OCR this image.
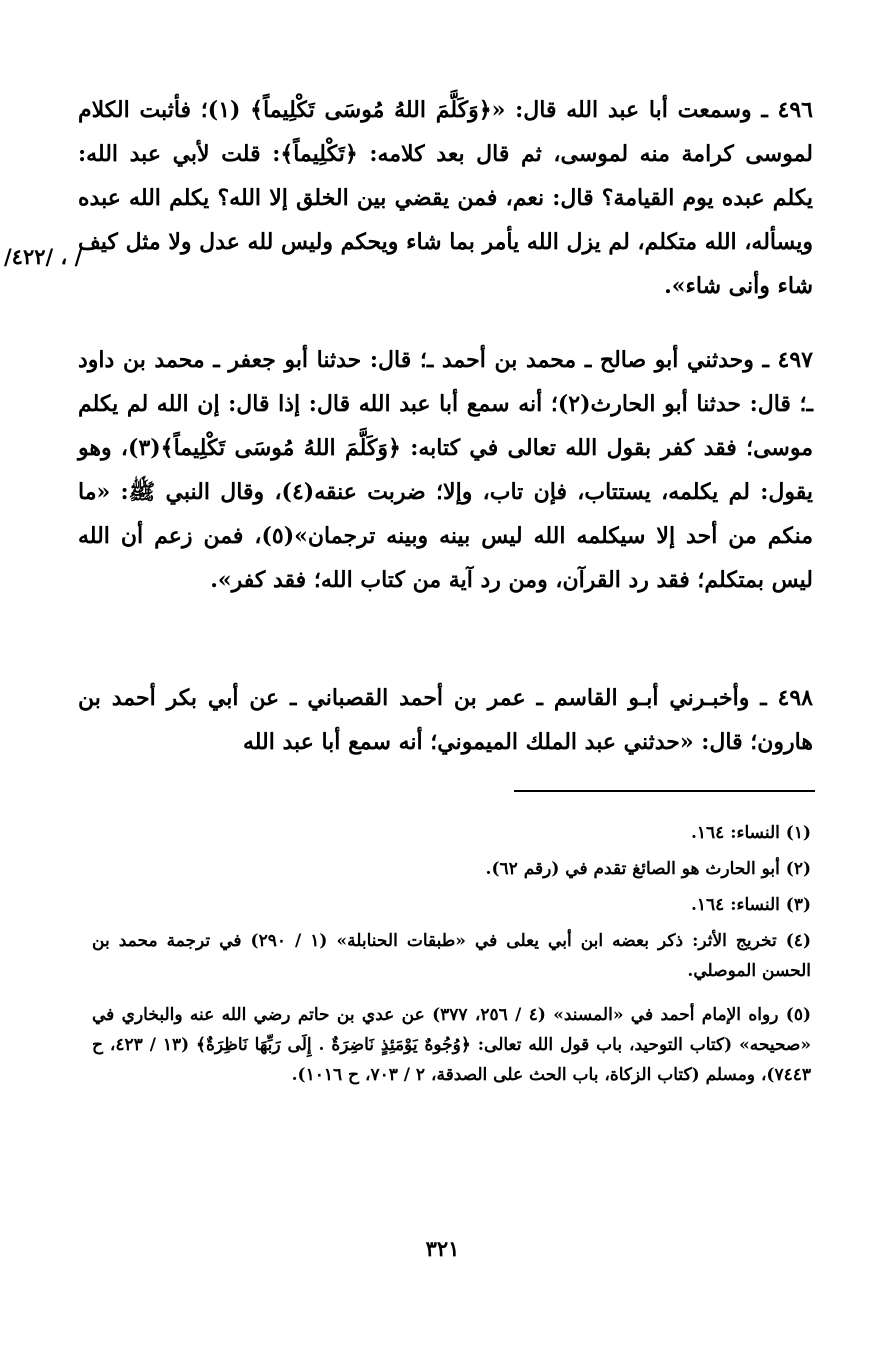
٤٩٦ ـ وسمعت أبا عبد الله قال: «﴿وَكَلَّمَ اللهُ مُوسَى تَكْلِيماً﴾ (١)؛ فأثبت الكلام لموسى كرامة منه لموسى، ثم قال بعد كلامه: ﴿تَكْلِيماً﴾: قلت لأبي عبد الله: يكلم عبده يوم القيامة؟ قال: نعم، فمن يقضي بين الخلق إلا الله؟ يكلم الله عبده ويسأله، الله متكلم، لم يزل الله يأمر بما شاء ويحكم وليس لله عدل ولا مثل كيف شاء وأنى شاء».
/ ، /٤٢٢/
٤٩٧ ـ وحدثني أبو صالح ـ محمد بن أحمد ـ؛ قال: حدثنا أبو جعفر ـ محمد بن داود ـ؛ قال: حدثنا أبو الحارث(٢)؛ أنه سمع أبا عبد الله قال: إذا قال: إن الله لم يكلم موسى؛ فقد كفر بقول الله تعالى في كتابه: ﴿وَكَلَّمَ اللهُ مُوسَى تَكْلِيماً﴾(٣)، وهو يقول: لم يكلمه، يستتاب، فإن تاب، وإلا؛ ضربت عنقه(٤)، وقال النبي ﷺ: «ما منكم من أحد إلا سيكلمه الله ليس بينه وبينه ترجمان»(٥)، فمن زعم أن الله ليس بمتكلم؛ فقد رد القرآن، ومن رد آية من كتاب الله؛ فقد كفر».
٤٩٨ ـ وأخبـرني أبـو القاسم ـ عمر بن أحمد القصباني ـ عن أبي بكر أحمد بن هارون؛ قال: «حدثني عبد الملك الميموني؛ أنه سمع أبا عبد الله
(١) النساء: ١٦٤.
(٢) أبو الحارث هو الصائغ تقدم في (رقم ٦٢).
(٣) النساء: ١٦٤.
(٤) تخريج الأثر: ذكر بعضه ابن أبي يعلى في «طبقات الحنابلة» (١ / ٢٩٠) في ترجمة محمد بن الحسن الموصلي.
(٥) رواه الإمام أحمد في «المسند» (٤ / ٢٥٦، ٣٧٧) عن عدي بن حاتم رضي الله عنه والبخاري في «صحيحه» (كتاب التوحيد، باب قول الله تعالى: ﴿وُجُوهٌ يَوْمَئِذٍ نَاضِرَةٌ . إِلَى رَبِّهَا نَاظِرَةٌ﴾ (١٣ / ٤٢٣، ح ٧٤٤٣)، ومسلم (كتاب الزكاة، باب الحث على الصدقة، ٢ / ٧٠٣، ح ١٠١٦).
٣٢١
